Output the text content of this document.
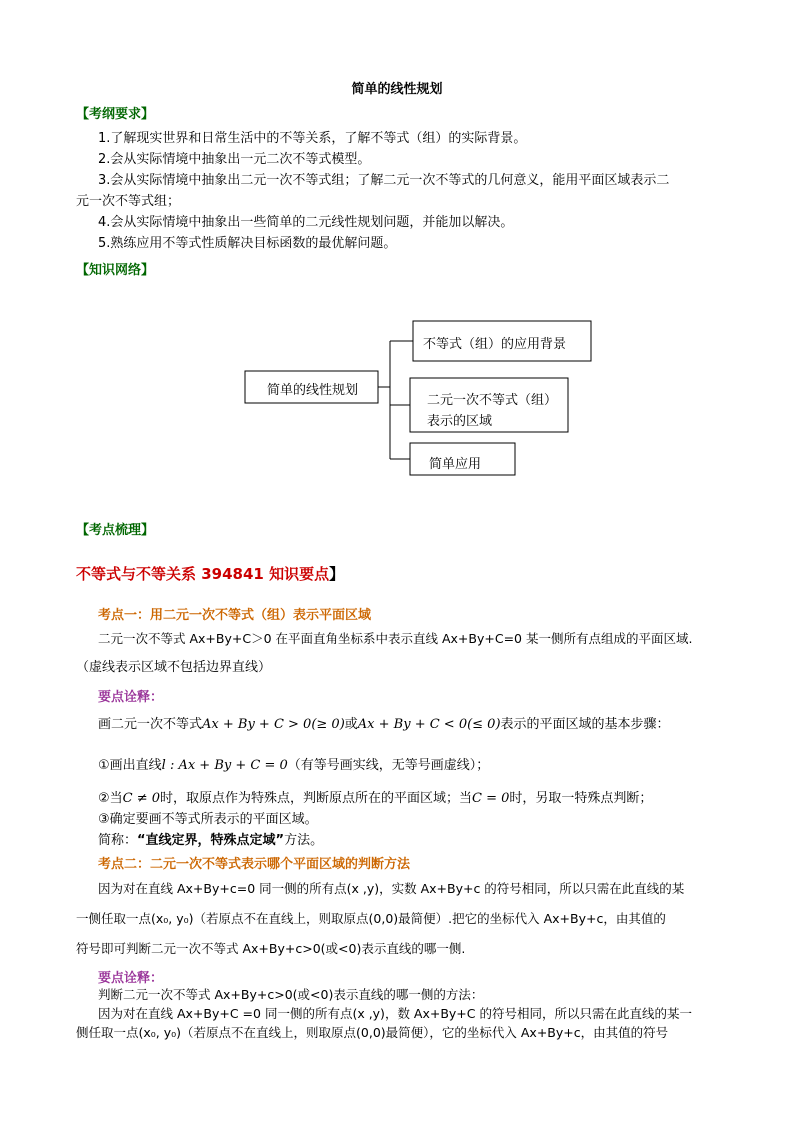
简单的线性规划
【考纲要求】
1.了解现实世界和日常生活中的不等关系，了解不等式（组）的实际背景。
2.会从实际情境中抽象出一元二次不等式模型。
3.会从实际情境中抽象出二元一次不等式组；了解二元一次不等式的几何意义，能用平面区域表示二
元一次不等式组；
4.会从实际情境中抽象出一些简单的二元线性规划问题，并能加以解决。
5.熟练应用不等式性质解决目标函数的最优解问题。
【知识网络】
简单的线性规划
不等式（组）的应用背景
二元一次不等式（组）
表示的区域
简单应用
【考点梳理】
不等式与不等关系 394841 知识要点】
考点一：用二元一次不等式（组）表示平面区域
二元一次不等式 Ax+By+C＞0 在平面直角坐标系中表示直线 Ax+By+C=0 某一侧所有点组成的平面区域.
（虚线表示区域不包括边界直线）
要点诠释：
画二元一次不等式Ax + By + C > 0(≥ 0)或Ax + By + C < 0(≤ 0)表示的平面区域的基本步骤：
①画出直线l : Ax + By + C = 0（有等号画实线，无等号画虚线）；
②当C ≠ 0时，取原点作为特殊点，判断原点所在的平面区域；当C = 0时，另取一特殊点判断；
③确定要画不等式所表示的平面区域。
简称：“直线定界，特殊点定域”方法。
考点二：二元一次不等式表示哪个平面区域的判断方法
因为对在直线 Ax+By+c=0 同一侧的所有点(x ,y)，实数 Ax+By+c 的符号相同，所以只需在此直线的某
一侧任取一点(x₀, y₀)（若原点不在直线上，则取原点(0,0)最简便）.把它的坐标代入 Ax+By+c，由其值的
符号即可判断二元一次不等式 Ax+By+c>0(或<0)表示直线的哪一侧.
要点诠释：
判断二元一次不等式 Ax+By+c>0(或<0)表示直线的哪一侧的方法：
因为对在直线 Ax+By+C =0 同一侧的所有点(x ,y)，数 Ax+By+C 的符号相同，所以只需在此直线的某一
侧任取一点(x₀, y₀)（若原点不在直线上，则取原点(0,0)最简便），它的坐标代入 Ax+By+c，由其值的符号
